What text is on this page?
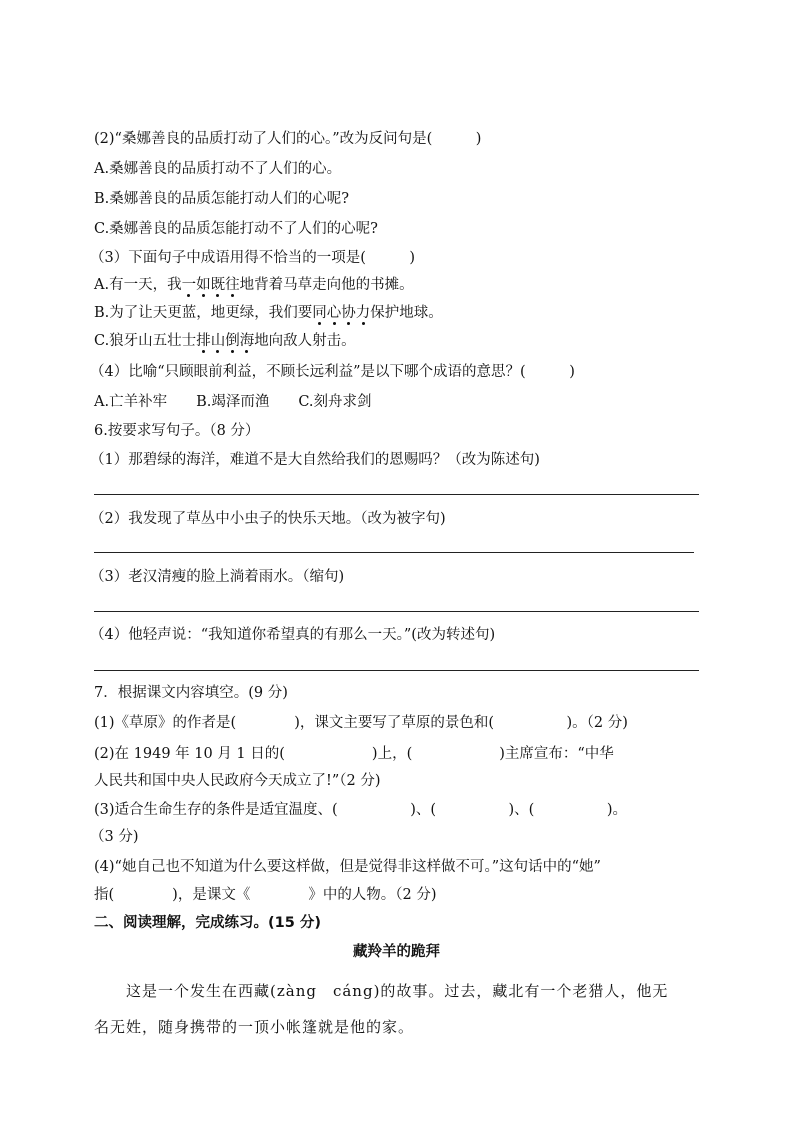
(2)“桑娜善良的品质打动了人们的心。”改为反问句是(　　　)
A.桑娜善良的品质打动不了人们的心。
B.桑娜善良的品质怎能打动人们的心呢?
C.桑娜善良的品质怎能打动不了人们的心呢?
（3）下面句子中成语用得不恰当的一项是(　　　)
A.有一天，我一如既往地背着马草走向他的书摊。
B.为了让天更蓝，地更绿，我们要同心协力保护地球。
C.狼牙山五壮士排山倒海地向敌人射击。
（4）比喻“只顾眼前利益，不顾长远利益”是以下哪个成语的意思？(　　　)
A.亡羊补牢　　B.竭泽而渔　　C.刻舟求剑
6.按要求写句子。（8 分）
（1）那碧绿的海洋，难道不是大自然给我们的恩赐吗？（改为陈述句)
（2）我发现了草丛中小虫子的快乐天地。（改为被字句)
（3）老汉清瘦的脸上淌着雨水。（缩句)
（4）他轻声说：“我知道你希望真的有那么一天。”(改为转述句)
7．根据课文内容填空。(9 分)
(1)《草原》的作者是(　　　　)，课文主要写了草原的景色和(　　　　　)。（2 分)
(2)在 1949 年 10 月 1 日的(　　　　　　)上，(　　　　　　)主席宣布：“中华
人民共和国中央人民政府今天成立了!”（2 分)
(3)适合生命生存的条件是适宜温度、(　　　　　)、(　　　　　)、(　　　　　)。
（3 分)
(4)“她自己也不知道为什么要这样做，但是觉得非这样做不可。”这句话中的“她”
指(　　　　)，是课文《　　　　》中的人物。（2 分)
二、阅读理解，完成练习。(15 分)
藏羚羊的跪拜
这是一个发生在西藏(zàng　cáng)的故事。过去，藏北有一个老猎人，他无
名无姓，随身携带的一顶小帐篷就是他的家。
